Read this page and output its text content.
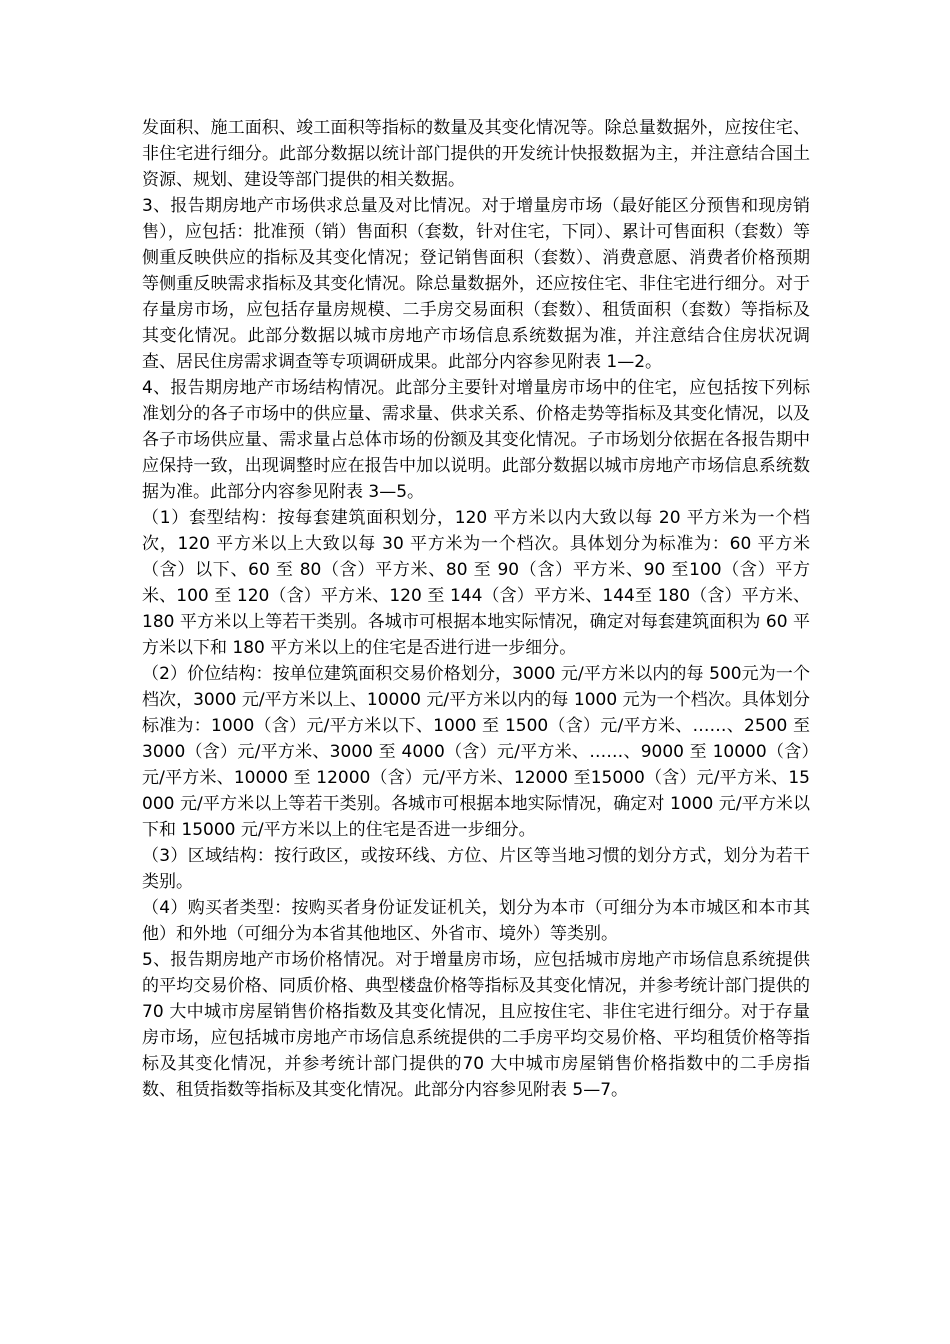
发面积、施工面积、竣工面积等指标的数量及其变化情况等。除总量数据外，应按住宅、非住宅进行细分。此部分数据以统计部门提供的开发统计快报数据为主，并注意结合国土资源、规划、建设等部门提供的相关数据。

3、报告期房地产市场供求总量及对比情况。对于增量房市场（最好能区分预售和现房销售），应包括：批准预（销）售面积（套数，针对住宅，下同）、累计可售面积（套数）等侧重反映供应的指标及其变化情况；登记销售面积（套数）、消费意愿、消费者价格预期等侧重反映需求指标及其变化情况。除总量数据外，还应按住宅、非住宅进行细分。对于存量房市场，应包括存量房规模、二手房交易面积（套数）、租赁面积（套数）等指标及其变化情况。此部分数据以城市房地产市场信息系统数据为准，并注意结合住房状况调查、居民住房需求调查等专项调研成果。此部分内容参见附表 1—2。

4、报告期房地产市场结构情况。此部分主要针对增量房市场中的住宅，应包括按下列标准划分的各子市场中的供应量、需求量、供求关系、价格走势等指标及其变化情况，以及各子市场供应量、需求量占总体市场的份额及其变化情况。子市场划分依据在各报告期中应保持一致，出现调整时应在报告中加以说明。此部分数据以城市房地产市场信息系统数据为准。此部分内容参见附表 3—5。

（1）套型结构：按每套建筑面积划分，120 平方米以内大致以每 20 平方米为一个档次，120 平方米以上大致以每 30 平方米为一个档次。具体划分为标准为：60 平方米（含）以下、60 至 80（含）平方米、80 至 90（含）平方米、90 至100（含）平方米、100 至 120（含）平方米、120 至 144（含）平方米、144至 180（含）平方米、180 平方米以上等若干类别。各城市可根据本地实际情况，确定对每套建筑面积为 60 平方米以下和 180 平方米以上的住宅是否进行进一步细分。

（2）价位结构：按单位建筑面积交易价格划分，3000 元/平方米以内的每 500元为一个档次，3000 元/平方米以上、10000 元/平方米以内的每 1000 元为一个档次。具体划分标准为：1000（含）元/平方米以下、1000 至 1500（含）元/平方米、……、2500 至 3000（含）元/平方米、3000 至 4000（含）元/平方米、……、9000 至 10000（含）元/平方米、10000 至 12000（含）元/平方米、12000 至15000（含）元/平方米、15000 元/平方米以上等若干类别。各城市可根据本地实际情况，确定对 1000 元/平方米以下和 15000 元/平方米以上的住宅是否进一步细分。

（3）区域结构：按行政区，或按环线、方位、片区等当地习惯的划分方式，划分为若干类别。

（4）购买者类型：按购买者身份证发证机关，划分为本市（可细分为本市城区和本市其他）和外地（可细分为本省其他地区、外省市、境外）等类别。

5、报告期房地产市场价格情况。对于增量房市场，应包括城市房地产市场信息系统提供的平均交易价格、同质价格、典型楼盘价格等指标及其变化情况，并参考统计部门提供的 70 大中城市房屋销售价格指数及其变化情况，且应按住宅、非住宅进行细分。对于存量房市场，应包括城市房地产市场信息系统提供的二手房平均交易价格、平均租赁价格等指标及其变化情况，并参考统计部门提供的70 大中城市房屋销售价格指数中的二手房指数、租赁指数等指标及其变化情况。此部分内容参见附表 5—7。
